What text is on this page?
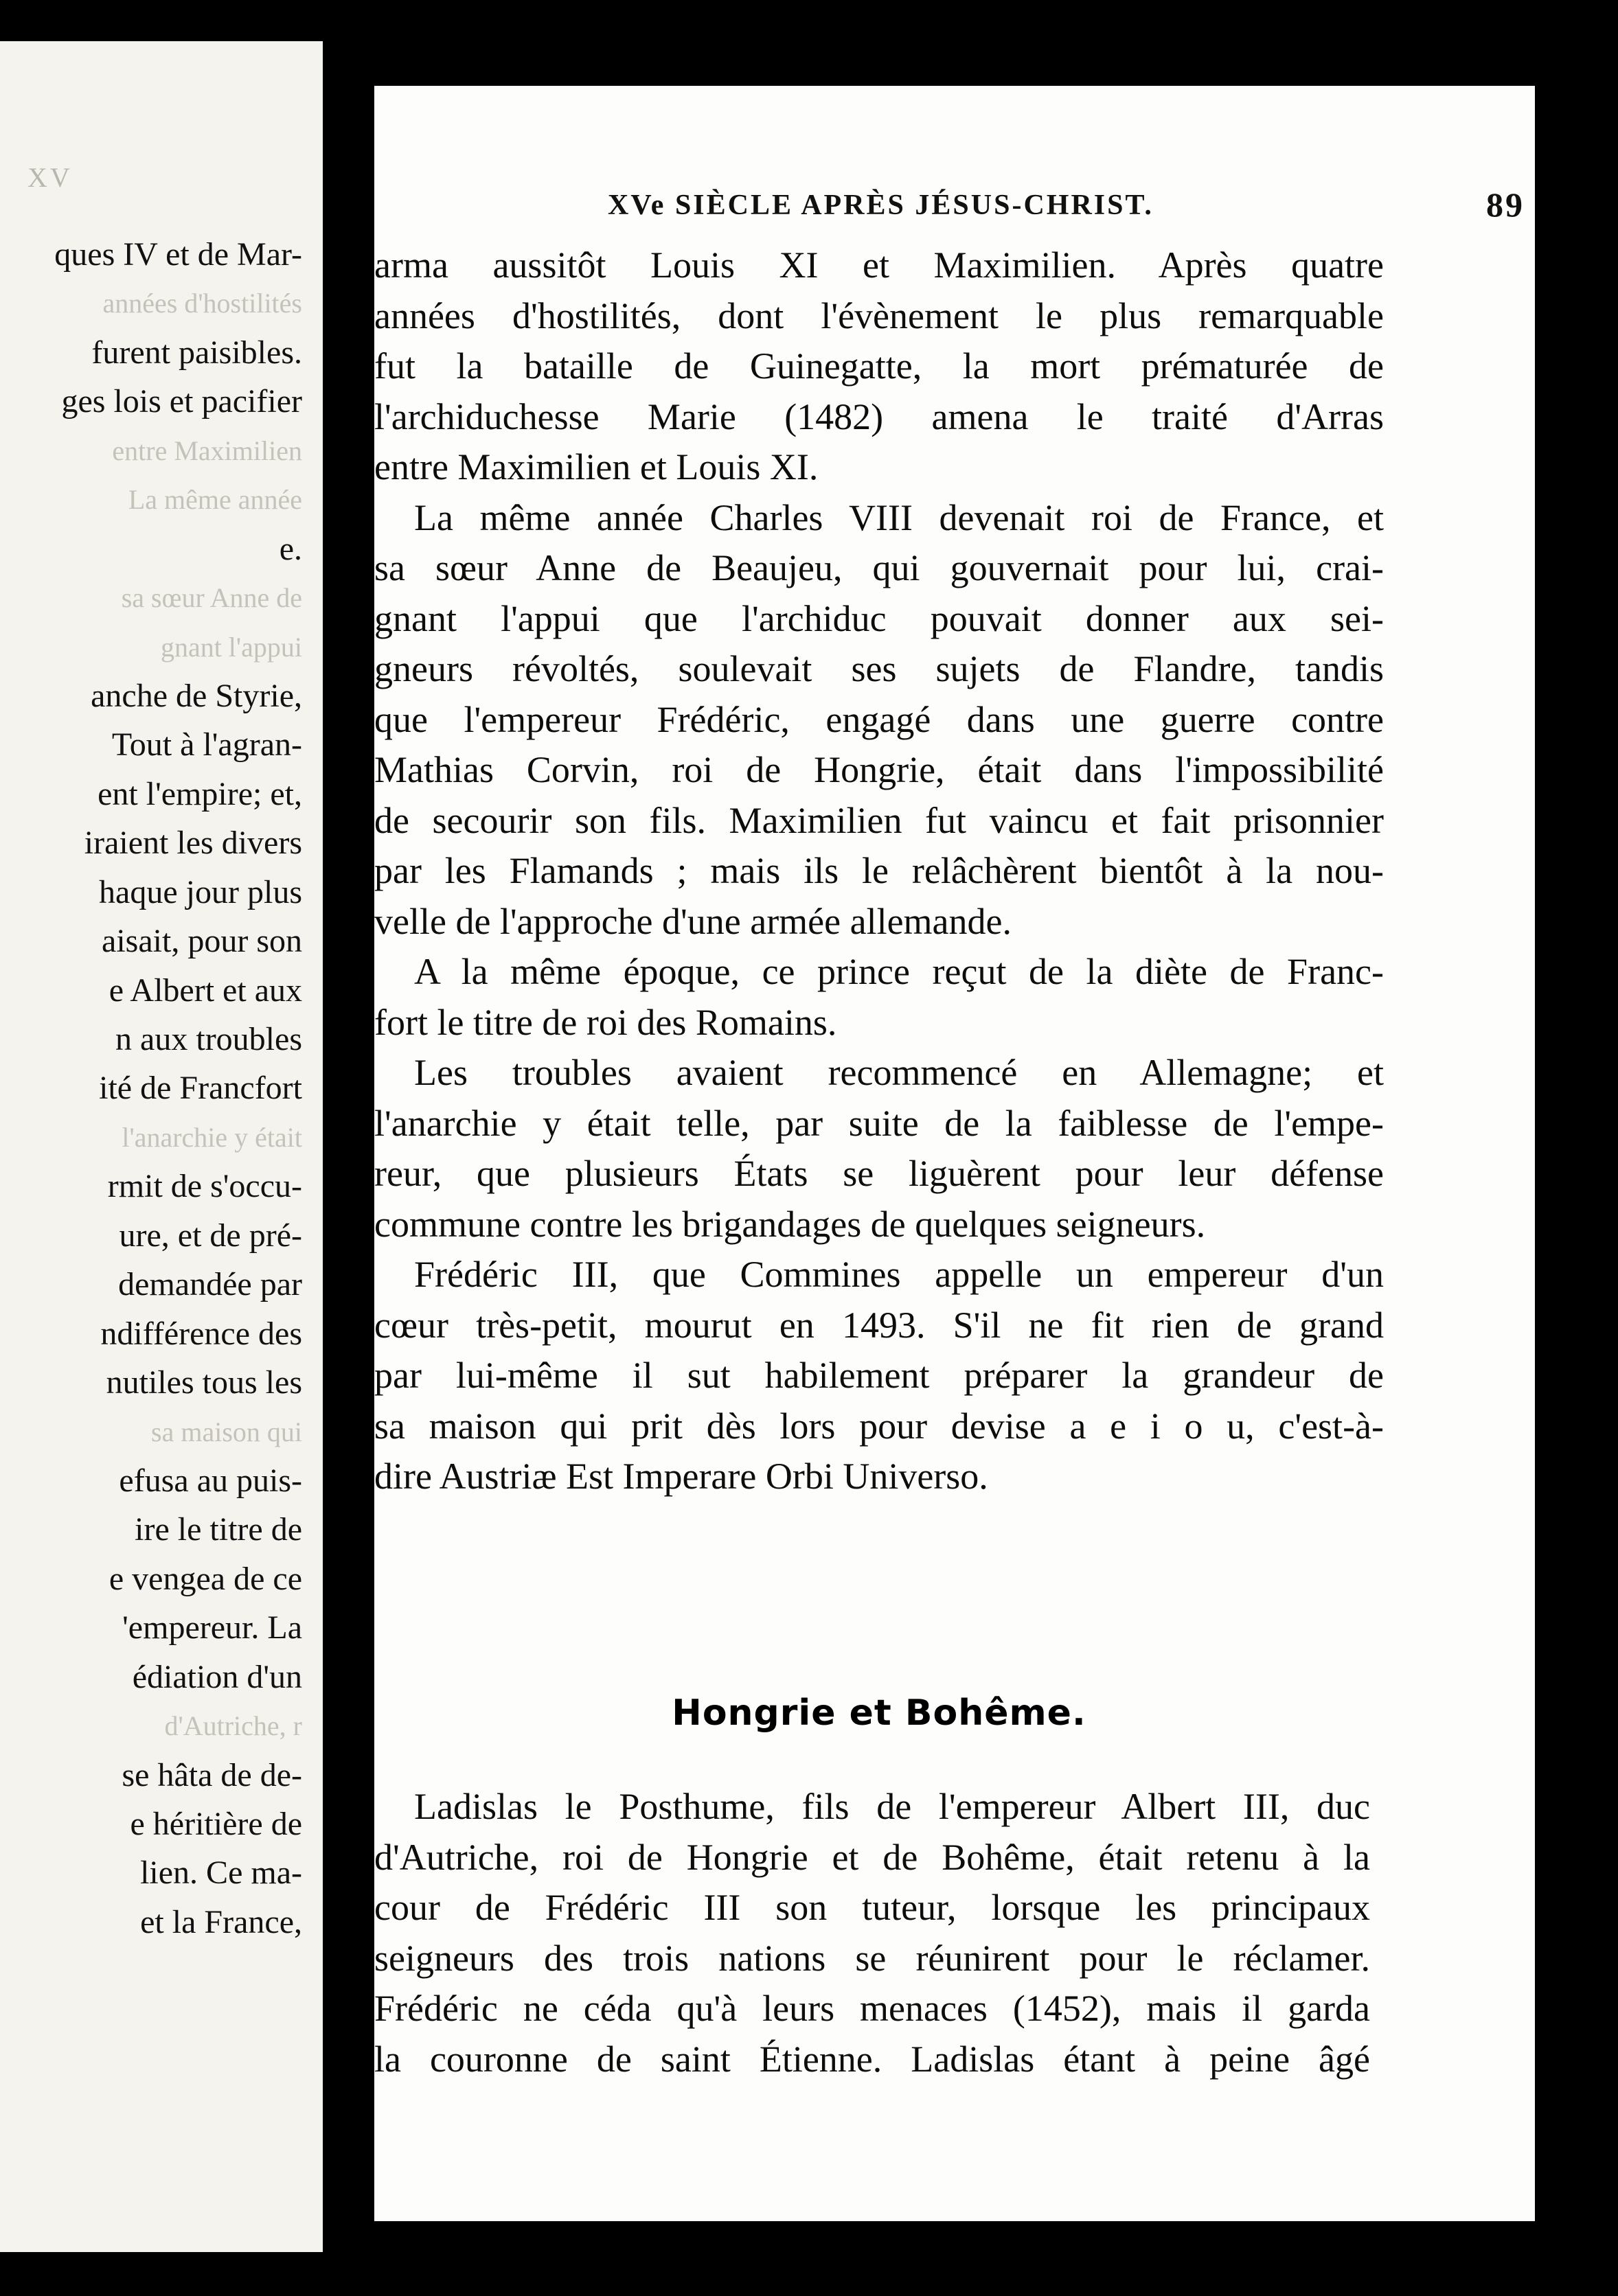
XV
ques IV et de Mar-
années d'hostilités
furent paisibles.
ges lois et pacifier
entre Maximilien
La même année
e.
sa sœur Anne de
gnant l'appui
anche de Styrie,
Tout à l'agran-
ent l'empire; et,
iraient les divers
haque jour plus
aisait, pour son
e Albert et aux
n aux troubles
ité de Francfort
l'anarchie y était
rmit de s'occu-
ure, et de pré-
demandée par
ndifférence des
nutiles tous les
sa maison qui
efusa au puis-
ire le titre de
e vengea de ce
'empereur. La
édiation d'un
d'Autriche, r
se hâta de de-
e héritière de
lien. Ce ma-
et la France,
XVe SIÈCLE APRÈS JÉSUS-CHRIST.	89
arma aussitôt Louis XI et Maximilien. Après quatre
années d'hostilités, dont l'évènement le plus remarquable
fut la bataille de Guinegatte, la mort prématurée de
l'archiduchesse Marie (1482) amena le traité d'Arras
entre Maximilien et Louis XI.
La même année Charles VIII devenait roi de France, et
sa sœur Anne de Beaujeu, qui gouvernait pour lui, crai-
gnant l'appui que l'archiduc pouvait donner aux sei-
gneurs révoltés, soulevait ses sujets de Flandre, tandis
que l'empereur Frédéric, engagé dans une guerre contre
Mathias Corvin, roi de Hongrie, était dans l'impossibilité
de secourir son fils. Maximilien fut vaincu et fait prisonnier
par les Flamands ; mais ils le relâchèrent bientôt à la nou-
velle de l'approche d'une armée allemande.
A la même époque, ce prince reçut de la diète de Franc-
fort le titre de roi des Romains.
Les troubles avaient recommencé en Allemagne; et
l'anarchie y était telle, par suite de la faiblesse de l'empe-
reur, que plusieurs États se liguèrent pour leur défense
commune contre les brigandages de quelques seigneurs.
Frédéric III, que Commines appelle un empereur d'un
cœur très-petit, mourut en 1493. S'il ne fit rien de grand
par lui-même il sut habilement préparer la grandeur de
sa maison qui prit dès lors pour devise a e i o u, c'est-à-
dire Austriæ Est Imperare Orbi Universo.
Hongrie et Bohême.
Ladislas le Posthume, fils de l'empereur Albert III, duc
d'Autriche, roi de Hongrie et de Bohême, était retenu à la
cour de Frédéric III son tuteur, lorsque les principaux
seigneurs des trois nations se réunirent pour le réclamer.
Frédéric ne céda qu'à leurs menaces (1452), mais il garda
la couronne de saint Étienne. Ladislas étant à peine âgé
